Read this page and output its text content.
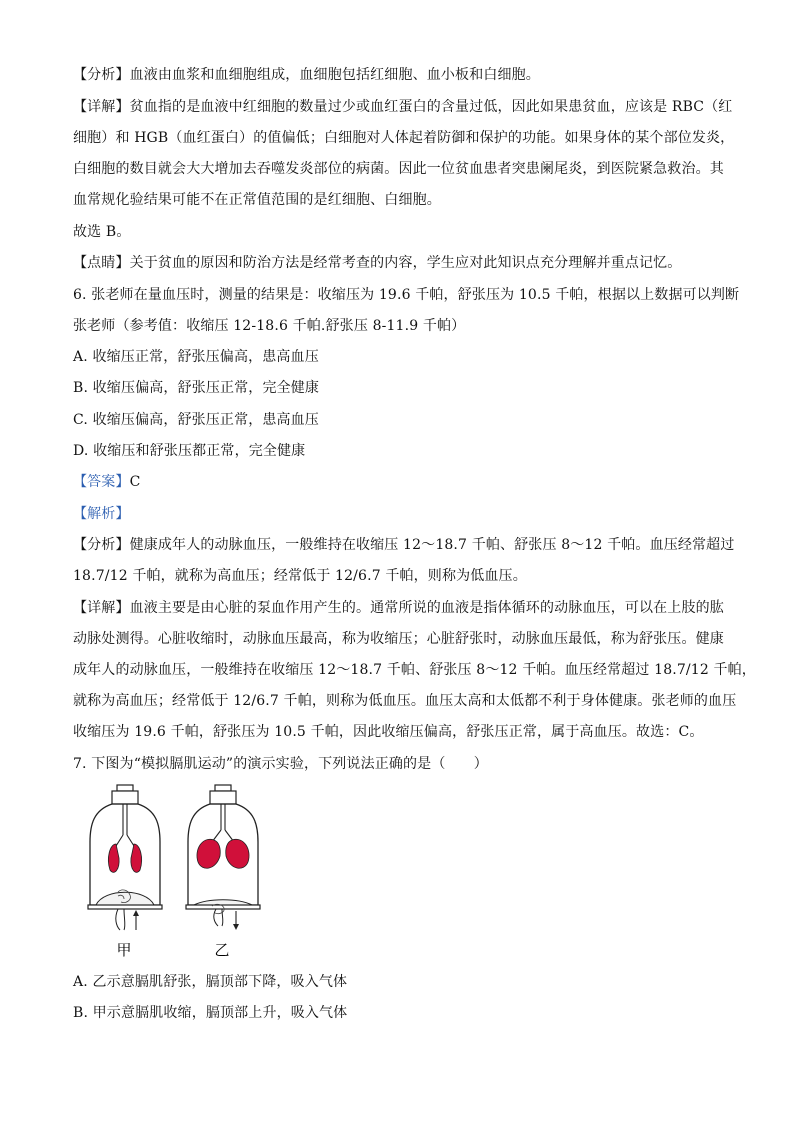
【分析】血液由血浆和血细胞组成，血细胞包括红细胞、血小板和白细胞。
【详解】贫血指的是血液中红细胞的数量过少或血红蛋白的含量过低，因此如果患贫血，应该是 RBC（红
细胞）和 HGB（血红蛋白）的值偏低；白细胞对人体起着防御和保护的功能。如果身体的某个部位发炎，
白细胞的数目就会大大增加去吞噬发炎部位的病菌。因此一位贫血患者突患阑尾炎，到医院紧急救治。其
血常规化验结果可能不在正常值范围的是红细胞、白细胞。
故选 B。
【点睛】关于贫血的原因和防治方法是经常考查的内容，学生应对此知识点充分理解并重点记忆。
6. 张老师在量血压时，测量的结果是：收缩压为 19.6 千帕，舒张压为 10.5 千帕，根据以上数据可以判断
张老师（参考值：收缩压 12-18.6 千帕.舒张压 8-11.9 千帕）
A. 收缩压正常，舒张压偏高，患高血压
B. 收缩压偏高，舒张压正常，完全健康
C. 收缩压偏高，舒张压正常，患高血压
D. 收缩压和舒张压都正常，完全健康
【答案】C
【解析】
【分析】健康成年人的动脉血压，一般维持在收缩压 12～18.7 千帕、舒张压 8～12 千帕。血压经常超过
18.7/12 千帕，就称为高血压；经常低于 12/6.7 千帕，则称为低血压。
【详解】血液主要是由心脏的泵血作用产生的。通常所说的血液是指体循环的动脉血压，可以在上肢的肱
动脉处测得。心脏收缩时，动脉血压最高，称为收缩压；心脏舒张时，动脉血压最低，称为舒张压。健康
成年人的动脉血压，一般维持在收缩压 12～18.7 千帕、舒张压 8～12 千帕。血压经常超过 18.7/12 千帕，
就称为高血压；经常低于 12/6.7 千帕，则称为低血压。血压太高和太低都不利于身体健康。张老师的血压
收缩压为 19.6 千帕，舒张压为 10.5 千帕，因此收缩压偏高，舒张压正常，属于高血压。故选：C。
7. 下图为“模拟膈肌运动”的演示实验，下列说法正确的是（　　）
甲	乙
A. 乙示意膈肌舒张，膈顶部下降，吸入气体
B. 甲示意膈肌收缩，膈顶部上升，吸入气体
